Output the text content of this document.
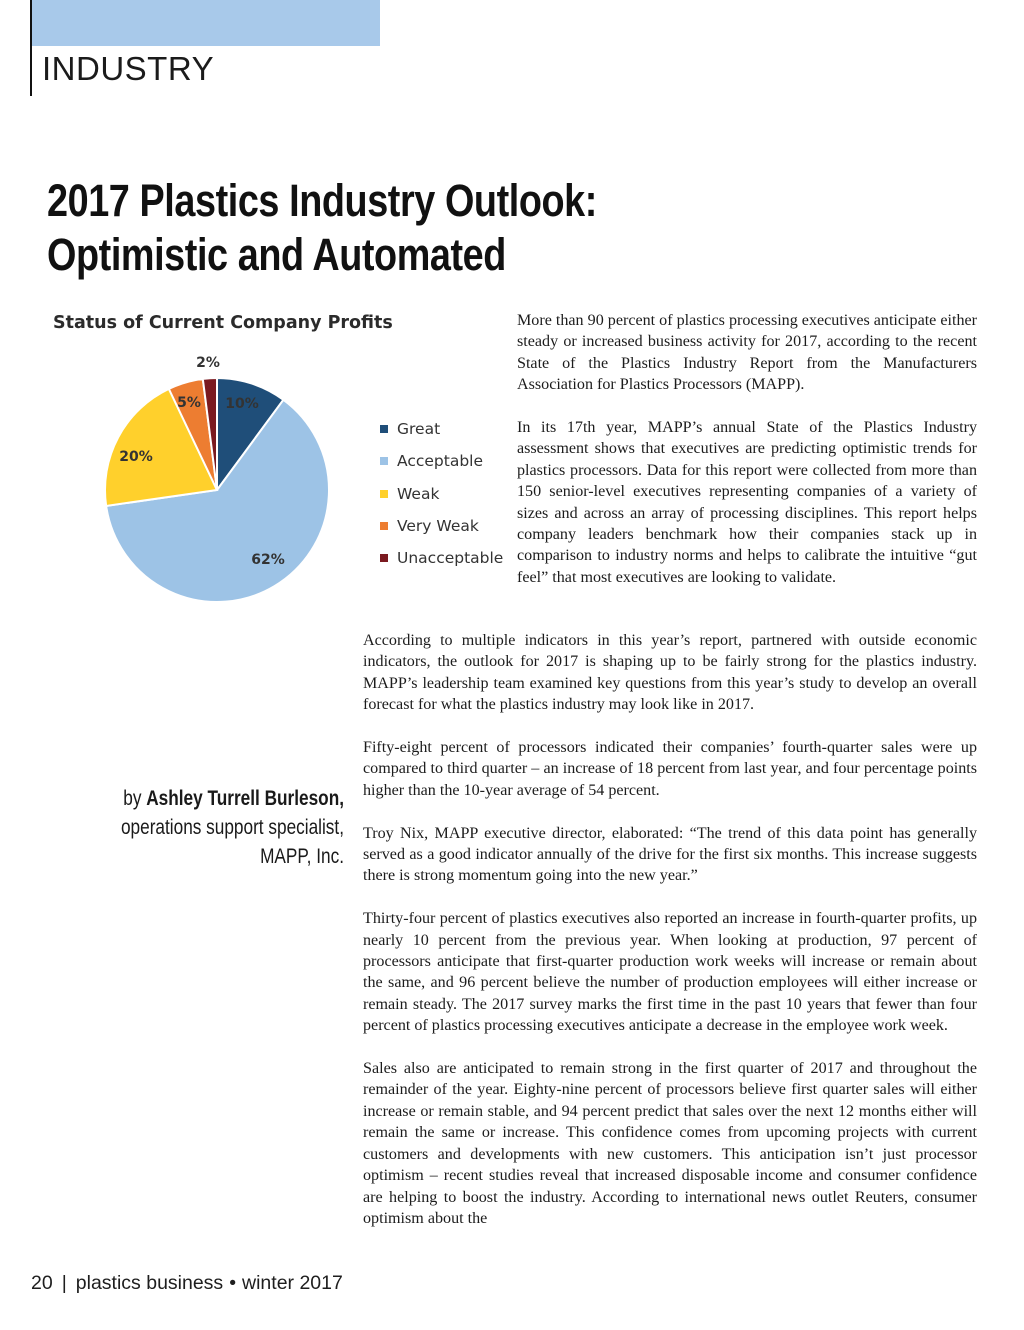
INDUSTRY
2017 Plastics Industry Outlook:
Optimistic and Automated
Status of Current Company Profits
10%
62%
20%
5%
2%
Great
Acceptable
Weak
Very Weak
Unacceptable

More than 90 percent of plastics processing executives anticipate either steady or increased business activity for 2017, according to the recent State of the Plastics Industry Report from the Manufacturers Association for Plastics Processors (MAPP).

In its 17th year, MAPP’s annual State of the Plastics Industry assessment shows that executives are predicting optimistic trends for plastics processors. Data for this report were collected from more than 150 senior-level executives representing companies of a variety of sizes and across an array of processing disciplines. This report helps company leaders benchmark how their companies stack up in comparison to industry norms and helps to calibrate the intuitive “gut feel” that most executives are looking to validate.

by Ashley Turrell Burleson,
operations support specialist,
MAPP, Inc.

According to multiple indicators in this year’s report, partnered with outside economic indicators, the outlook for 2017 is shaping up to be fairly strong for the plastics industry. MAPP’s leadership team examined key questions from this year’s study to develop an overall forecast for what the plastics industry may look like in 2017.

Fifty-eight percent of processors indicated their companies’ fourth-quarter sales were up compared to third quarter – an increase of 18 percent from last year, and four percentage points higher than the 10-year average of 54 percent.

Troy Nix, MAPP executive director, elaborated: “The trend of this data point has generally served as a good indicator annually of the drive for the first six months. This increase suggests there is strong momentum going into the new year.”

Thirty-four percent of plastics executives also reported an increase in fourth-quarter profits, up nearly 10 percent from the previous year. When looking at production, 97 percent of processors anticipate that first-quarter production work weeks will increase or remain about the same, and 96 percent believe the number of production employees will either increase or remain steady. The 2017 survey marks the first time in the past 10 years that fewer than four percent of plastics processing executives anticipate a decrease in the employee work week.

Sales also are anticipated to remain strong in the first quarter of 2017 and throughout the remainder of the year. Eighty-nine percent of processors believe first quarter sales will either increase or remain stable, and 94 percent predict that sales over the next 12 months either will remain the same or increase. This confidence comes from upcoming projects with current customers and developments with new customers. This anticipation isn’t just processor optimism – recent studies reveal that increased disposable income and consumer confidence are helping to boost the industry. According to international news outlet Reuters, consumer optimism about the

20 | plastics business • winter 2017
